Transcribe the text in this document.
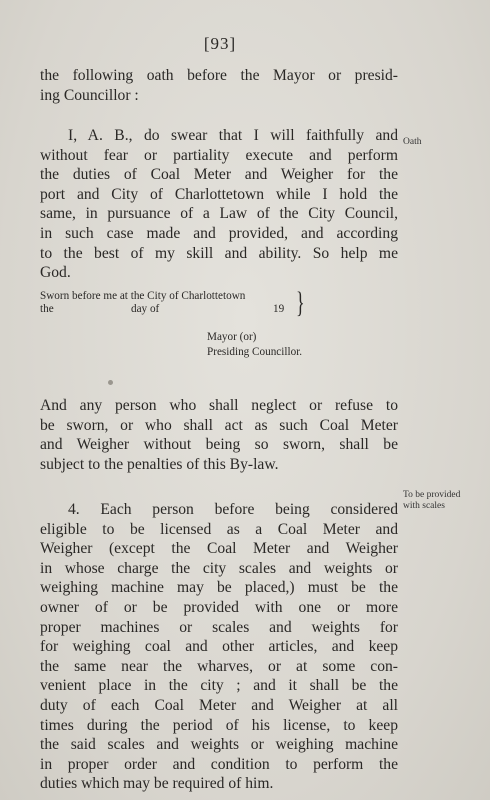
[93]
the following oath before the Mayor or presid-
ing Councillor :
Oath
I, A. B., do swear that I will faithfully and
without fear or partiality execute and perform
the duties of Coal Meter and Weigher for the
port and City of Charlottetown while I hold the
same, in pursuance of a Law of the City Council,
in such case made and provided, and according
to the best of my skill and ability. So help me
God.
Sworn before me at the City of Charlottetown
the	day of	19 }
Mayor (or)
Presiding Councillor.
And any person who shall neglect or refuse to
be sworn, or who shall act as such Coal Meter
and Weigher without being so sworn, shall be
subject to the penalties of this By-law.
To be provided
with scales
4. Each person before being considered
eligible to be licensed as a Coal Meter and
Weigher (except the Coal Meter and Weigher
in whose charge the city scales and weights or
weighing machine may be placed,) must be the
owner of or be provided with one or more
proper machines or scales and weights for
for weighing coal and other articles, and keep
the same near the wharves, or at some con-
venient place in the city ; and it shall be the
duty of each Coal Meter and Weigher at all
times during the period of his license, to keep
the said scales and weights or weighing machine
in proper order and condition to perform the
duties which may be required of him.
